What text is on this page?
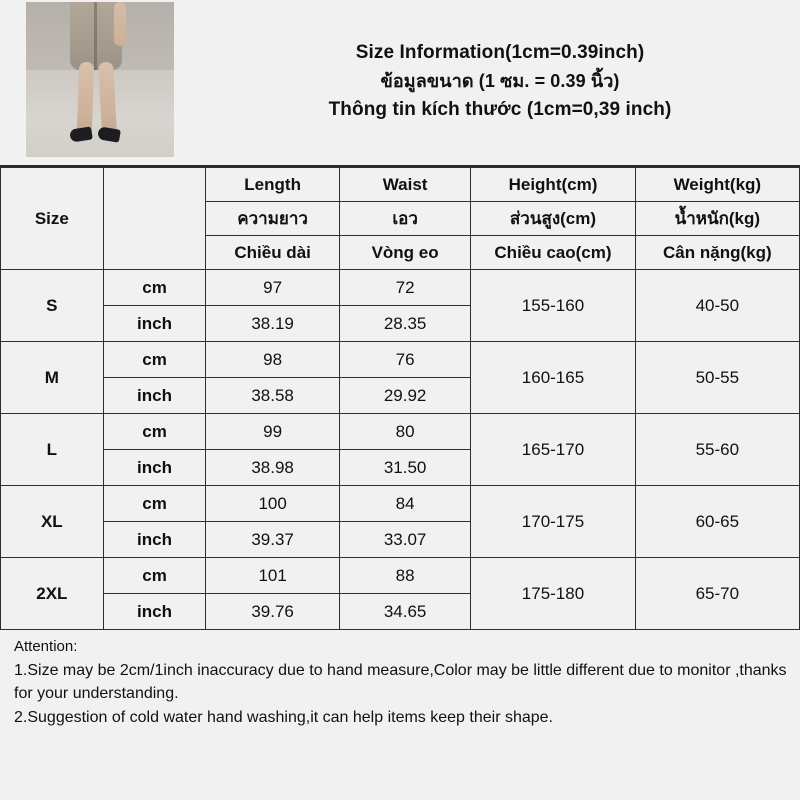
Size Information(1cm=0.39inch)
ข้อมูลขนาด (1 ซม. = 0.39 นิ้ว)
Thông tin kích thước (1cm=0,39 inch)
Size		Length	Waist	Height(cm)	Weight(kg)
		ความยาว	เอว	ส่วนสูง(cm)	น้ำหนัก(kg)
		Chiều dài	Vòng eo	Chiều cao(cm)	Cân nặng(kg)
S	cm	97	72	155-160	40-50
	inch	38.19	28.35		
M	cm	98	76	160-165	50-55
	inch	38.58	29.92		
L	cm	99	80	165-170	55-60
	inch	38.98	31.50		
XL	cm	100	84	170-175	60-65
	inch	39.37	33.07		
2XL	cm	101	88	175-180	65-70
	inch	39.76	34.65		
Attention:

1.Size may be 2cm/1inch inaccuracy due to hand measure,Color may be little different due to monitor ,thanks for your understanding.

2.Suggestion of cold water hand washing,it can help items keep their shape.
